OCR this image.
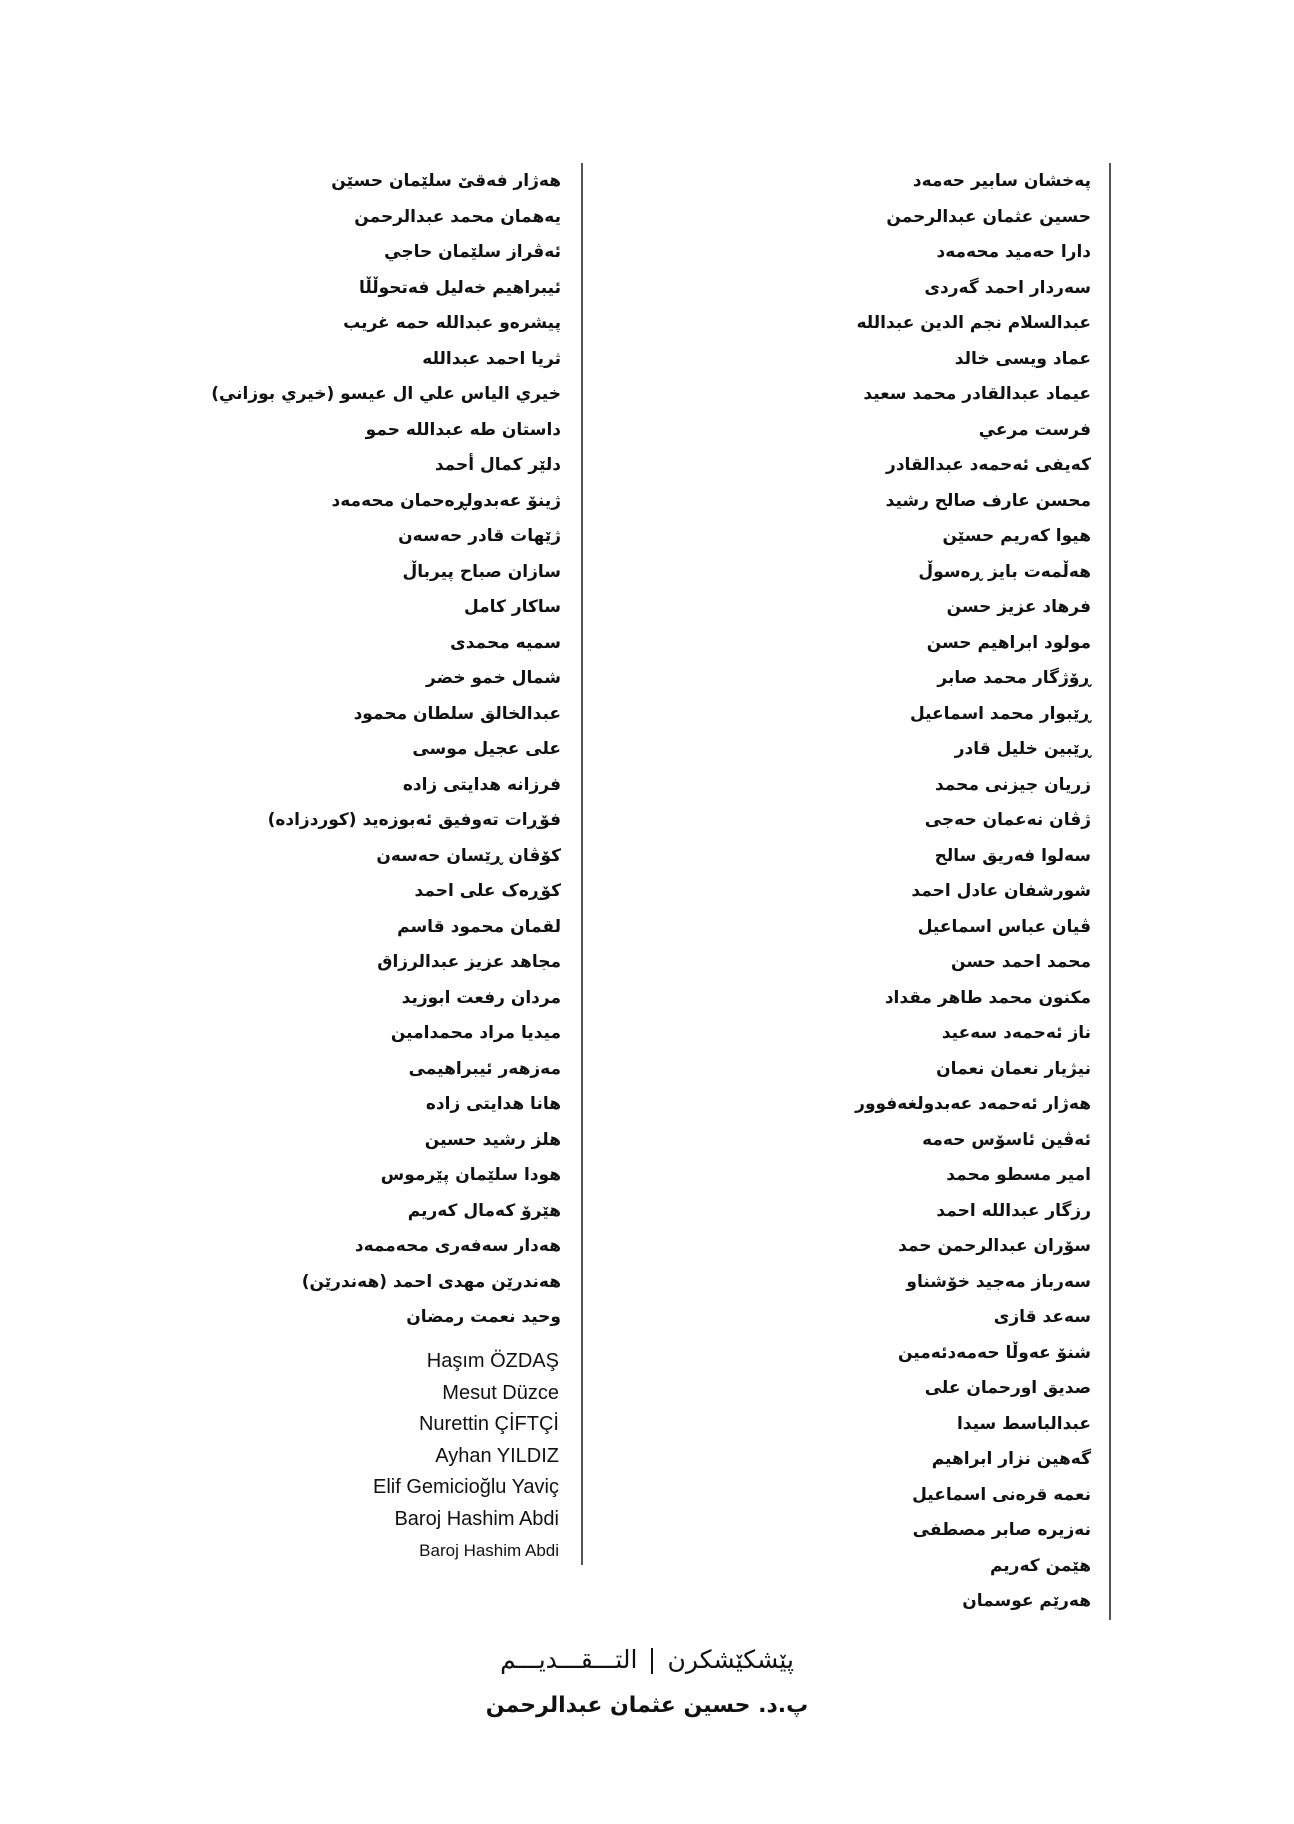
پەخشان سابیر حەمەد
حسين عثمان عبدالرحمن
دارا حەمید محەمەد
سەردار احمد گەردی
عبدالسلام نجم الدين عبدالله
عماد ويسى خالد
عيماد عبدالقادر محمد سعيد
فرست مرعي
کەیفی ئەحمەد عبدالقادر
محسن عارف صالح رشيد
هيوا کەريم حسێن
هەڵمەت بايز ڕەسوڵ
فرهاد عزيز حسن
مولود ابراهيم حسن
ڕۆژگار محمد صابر
ڕێبوار محمد اسماعيل
ڕێبين خليل قادر
زريان جيزنى محمد
ژڤان نەعمان حەجی
سەلوا فەريق سالح
شورشفان عادل احمد
ڤيان عباس اسماعيل
محمد احمد حسن
مكنون محمد طاهر مقداد
ناز ئەحمەد سەعید
نيژيار نعمان نعمان
هەژار ئەحمەد عەبدولغەفوور
ئەڤین ئاسۆس حەمە
امير مسطو محمد
رزگار عبدالله احمد
سۆران عبدالرحمن حمد
سەرباز مەجید خۆشناو
سەعد قازی
شنۆ عەوڵا حەمەدئەمین
صديق اورحمان على
عبدالباسط سيدا
گەهين نزار ابراهيم
نعمه قرەنی اسماعيل
نەزیرە صابر مصطفى
هێمن کەریم
هەرێم عوسمان
هەژار فەقێ سلێمان حسێن
يەهمان محمد عبدالرحمن
ئەڤراز سلێمان حاجي
ئيبراهيم خەليل فەتحوڵڵا
پيشرەو عبدالله حمه غريب
ثريا احمد عبدالله
خيري الياس علي ال عيسو (خيري بوزاني)
داستان طه عبدالله حمو
دلێر کمال أحمد
ژينۆ عەبدولڕەحمان محەمەد
ژێهات قادر حەسەن
سازان صباح پيرباڵ
ساكار كامل
سميه محمدى
شمال خمو خضر
عبدالخالق سلطان محمود
على عجيل موسى
فرزانه هدايتى زاده
فۆڕات تەوفیق ئەبوزەید (کوردزادە)
کۆڤان ڕێسان حەسەن
کۆڕەک على احمد
لقمان محمود قاسم
مجاهد عزيز عبدالرزاق
مردان رفعت ابوزيد
ميديا مراد محمدامين
مەزهەر ئیبراهیمی
هانا هدايتى زاده
هلز رشيد حسين
هودا سلێمان پێرموس
هێرۆ کەمال کەریم
هەدار سەفەری محەممەد
هەندرێن مهدی احمد (هەندرێن)
وحيد نعمت رمضان
Haşım ÖZDAŞ
Mesut Düzce
Nurettin ÇİFTÇİ
Ayhan YILDIZ
Elif Gemicioğlu Yaviç
Baroj Hashim Abdi
Baroj Hashim Abdi
پێشکێشکرنالتـــقـــديـــم
پ.د. حسين عثمان عبدالرحمن
